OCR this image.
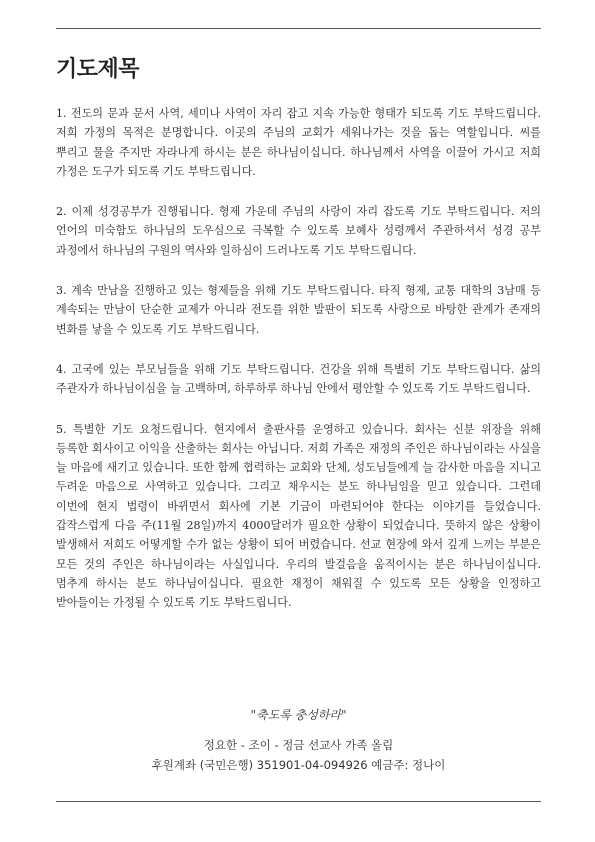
기도제목

1. 전도의 문과 문서 사역, 세미나 사역이 자리 잡고 지속 가능한 형태가 되도록 기도 부탁드립니다. 저희 가정의 목적은 분명합니다. 이곳의 주님의 교회가 세워나가는 것을 돕는 역할입니다. 씨를 뿌리고 물을 주지만 자라나게 하시는 분은 하나님이십니다. 하나님께서 사역을 이끌어 가시고 저희 가정은 도구가 되도록 기도 부탁드립니다.

2. 이제 성경공부가 진행됩니다. 형제 가운데 주님의 사랑이 자리 잡도록 기도 부탁드립니다. 저의 언어의 미숙함도 하나님의 도우심으로 극복할 수 있도록 보혜사 성령께서 주관하셔서 성경 공부 과정에서 하나님의 구원의 역사와 일하심이 드러나도록 기도 부탁드립니다.

3. 계속 만남을 진행하고 있는 형제들을 위해 기도 부탁드립니다. 타직 형제, 교통 대학의 3남매 등 계속되는 만남이 단순한 교제가 아니라 전도를 위한 발판이 되도록 사랑으로 바탕한 관계가 존재의 변화를 낳을 수 있도록 기도 부탁드립니다.

4. 고국에 있는 부모님들을 위해 기도 부탁드립니다. 건강을 위해 특별히 기도 부탁드립니다. 삶의 주관자가 하나님이심을 늘 고백하며, 하루하루 하나님 안에서 평안할 수 있도록 기도 부탁드립니다.

5. 특별한 기도 요청드립니다. 현지에서 출판사를 운영하고 있습니다. 회사는 신분 위장을 위해 등록한 회사이고 이익을 산출하는 회사는 아닙니다. 저희 가족은 재정의 주인은 하나님이라는 사실을 늘 마음에 새기고 있습니다. 또한 함께 협력하는 교회와 단체, 성도님들에게 늘 감사한 마음을 지니고 두려운 마음으로 사역하고 있습니다. 그리고 채우시는 분도 하나님임을 믿고 있습니다. 그런데 이번에 현지 법령이 바뀌면서 회사에 기본 기금이 마련되어야 한다는 이야기를 들었습니다. 갑작스럽게 다음 주(11월 28일)까지 4000달러가 필요한 상황이 되었습니다. 뜻하지 않은 상황이 발생해서 저희도 어떻게할 수가 없는 상황이 되어 버렸습니다. 선교 현장에 와서 깊게 느끼는 부분은 모든 것의 주인은 하나님이라는 사실입니다. 우리의 발걸음을 움직이시는 분은 하나님이십니다. 멈추게 하시는 분도 하나님이십니다. 필요한 재정이 채워질 수 있도록 모든 상황을 인정하고 받아들이는 가정될 수 있도록 기도 부탁드립니다.

"축도록 충성하라"

정요한 - 조이 - 정금 선교사 가족 올림

후원계좌 (국민은행) 351901-04-094926 예금주: 정나이
